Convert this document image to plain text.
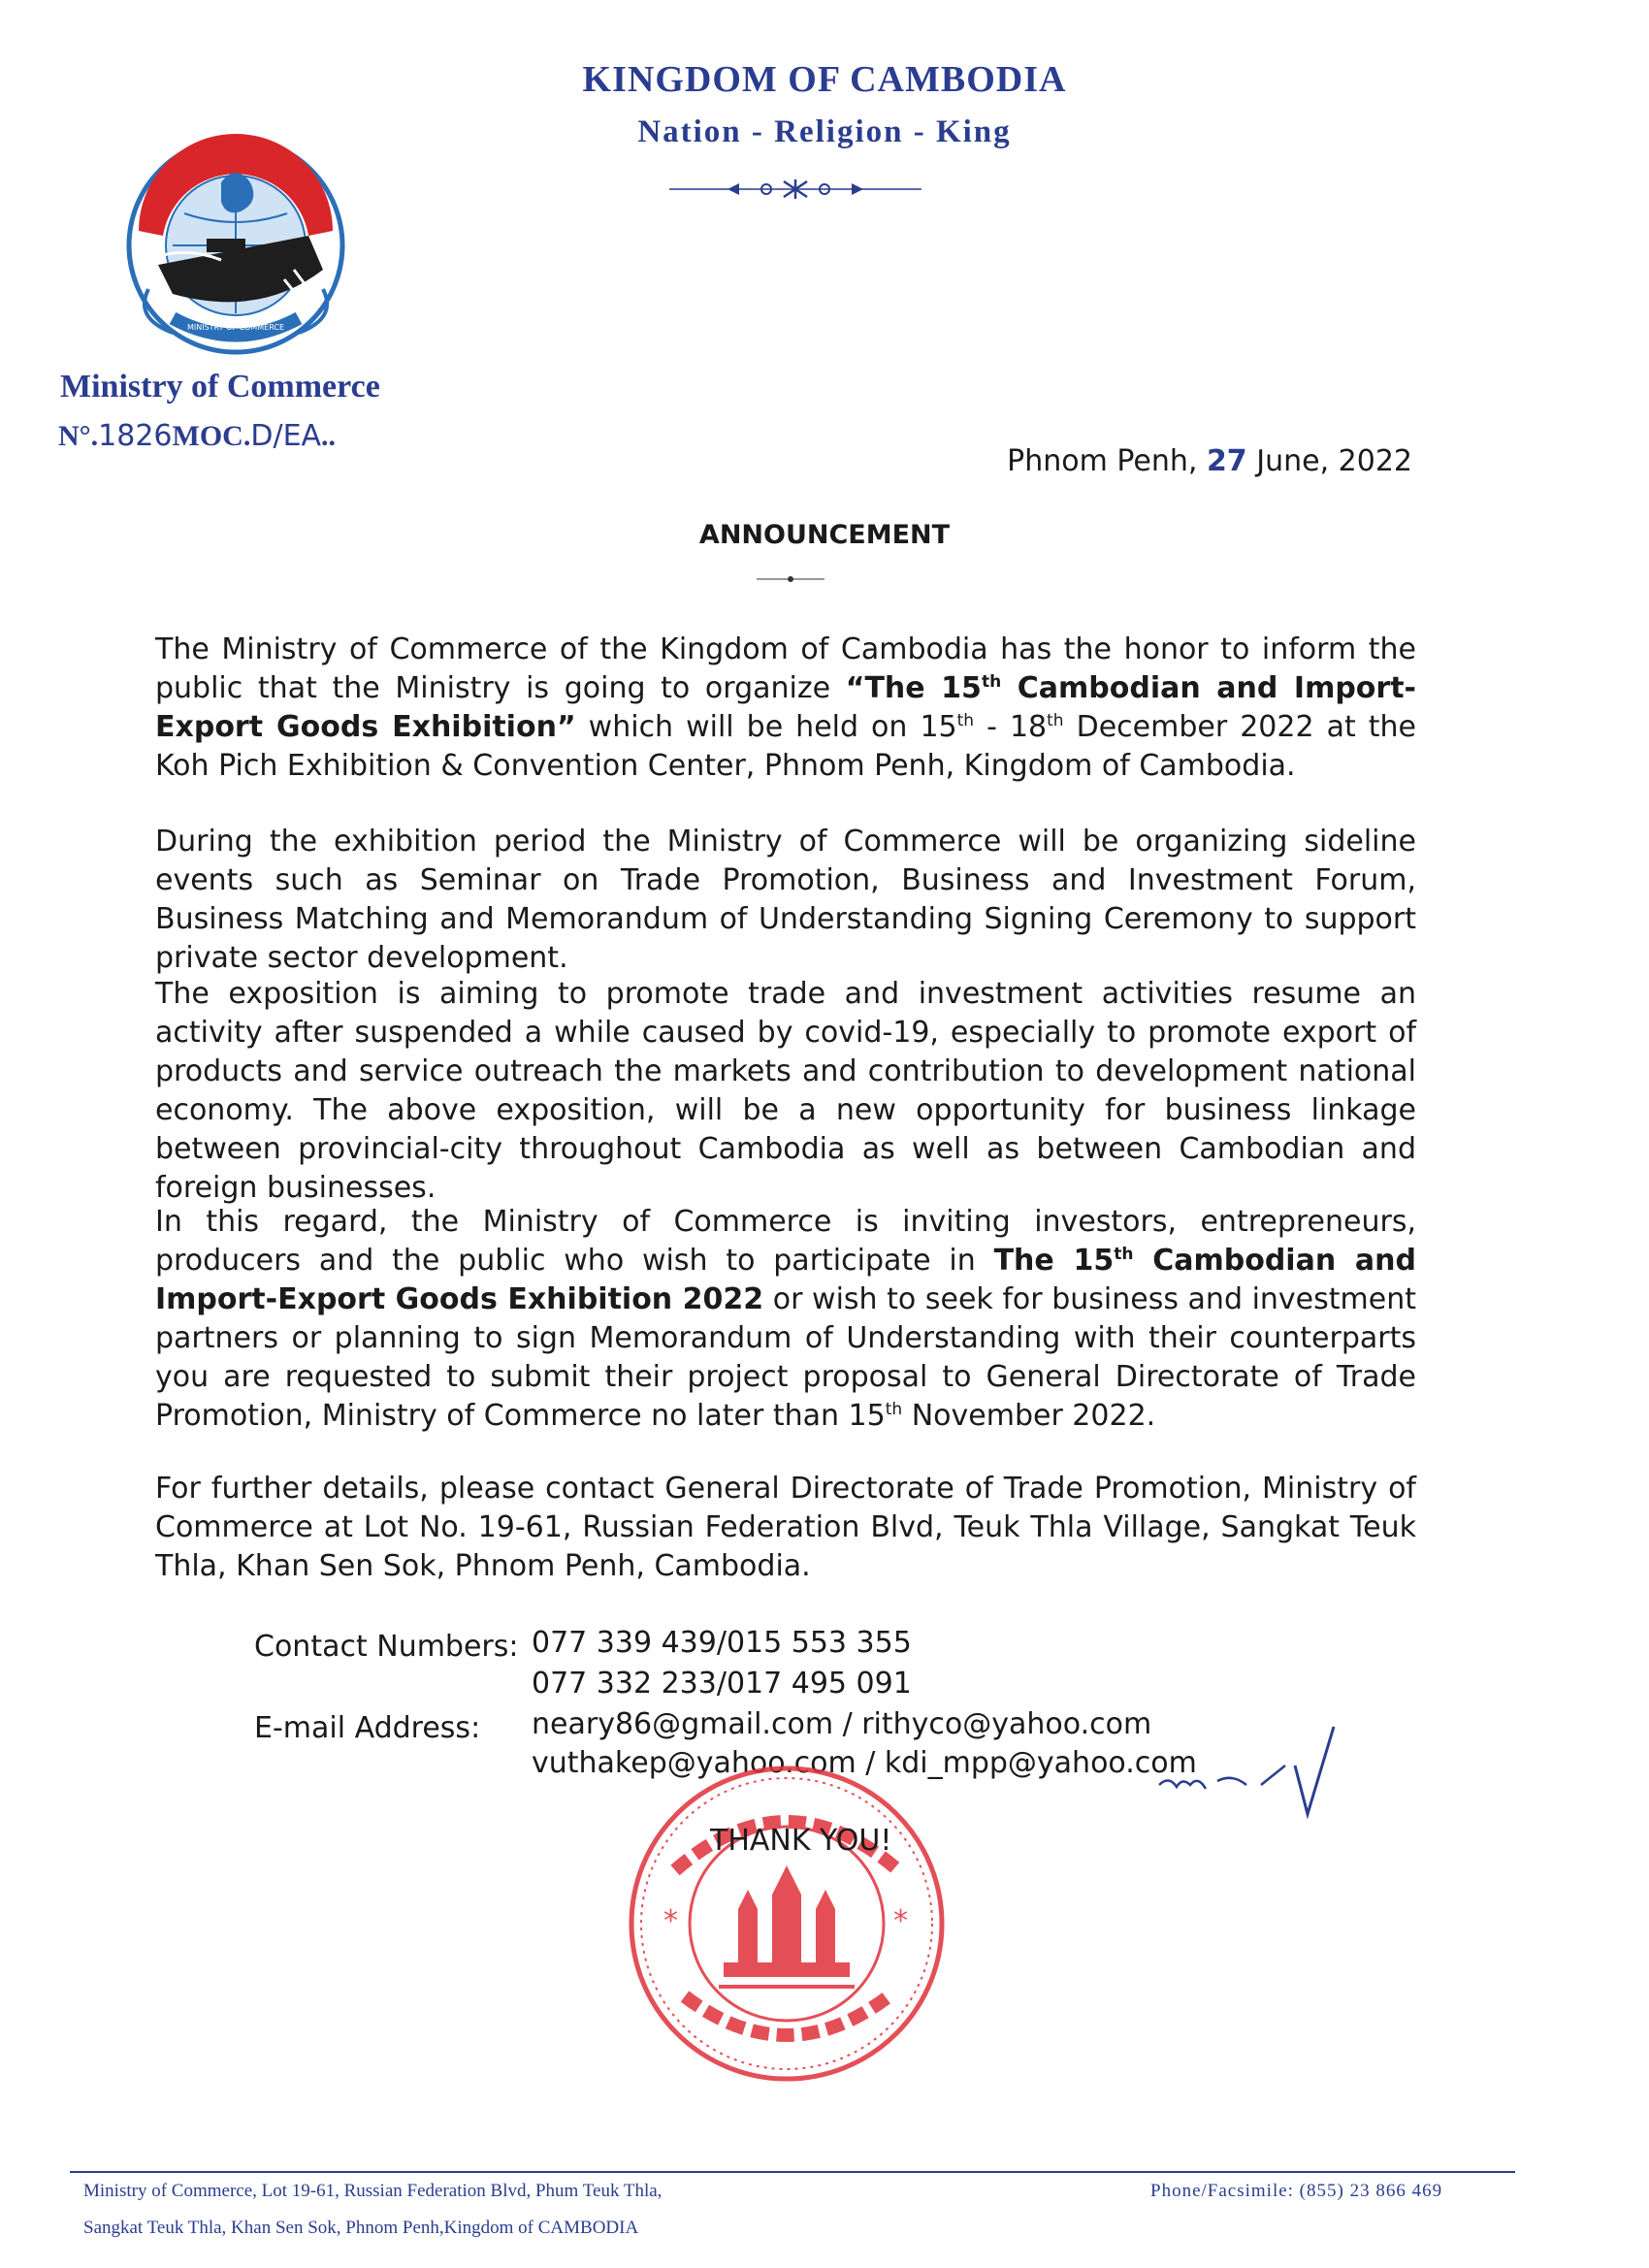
KINGDOM OF CAMBODIA
Nation - Religion - King
MINISTRY OF COMMERCE
Ministry of Commerce
N°.1826MOC.D/EA..
Phnom Penh, 27 June, 2022
ANNOUNCEMENT
The Ministry of Commerce of the Kingdom of Cambodia has the honor to inform the public that the Ministry is going to organize “The 15th Cambodian and Import-Export Goods Exhibition” which will be held on 15th - 18th December 2022 at the Koh Pich Exhibition & Convention Center, Phnom Penh, Kingdom of Cambodia.
During the exhibition period the Ministry of Commerce will be organizing sideline events such as Seminar on Trade Promotion, Business and Investment Forum, Business Matching and Memorandum of Understanding Signing Ceremony to support private sector development.
The exposition is aiming to promote trade and investment activities resume an activity after suspended a while caused by covid-19, especially to promote export of products and service outreach the markets and contribution to development national economy. The above exposition, will be a new opportunity for business linkage between provincial-city throughout Cambodia as well as between Cambodian and foreign businesses.
In this regard, the Ministry of Commerce is inviting investors, entrepreneurs, producers and the public who wish to participate in The 15th Cambodian and Import-Export Goods Exhibition 2022 or wish to seek for business and investment partners or planning to sign Memorandum of Understanding with their counterparts you are requested to submit their project proposal to General Directorate of Trade Promotion, Ministry of Commerce no later than 15th November 2022.
For further details, please contact General Directorate of Trade Promotion, Ministry of Commerce at Lot No. 19-61, Russian Federation Blvd, Teuk Thla Village, Sangkat Teuk Thla, Khan Sen Sok, Phnom Penh, Cambodia.
Contact Numbers: 077 339 439/015 553 355
077 332 233/017 495 091
E-mail Address: neary86@gmail.com / rithyco@yahoo.com
vuthakep@yahoo.com / kdi_mpp@yahoo.com
*	*
THANK YOU!
Ministry of Commerce, Lot 19-61, Russian Federation Blvd, Phum Teuk Thla,
Sangkat Teuk Thla, Khan Sen Sok, Phnom Penh,Kingdom of CAMBODIA
Phone/Facsimile: (855) 23 866 469
